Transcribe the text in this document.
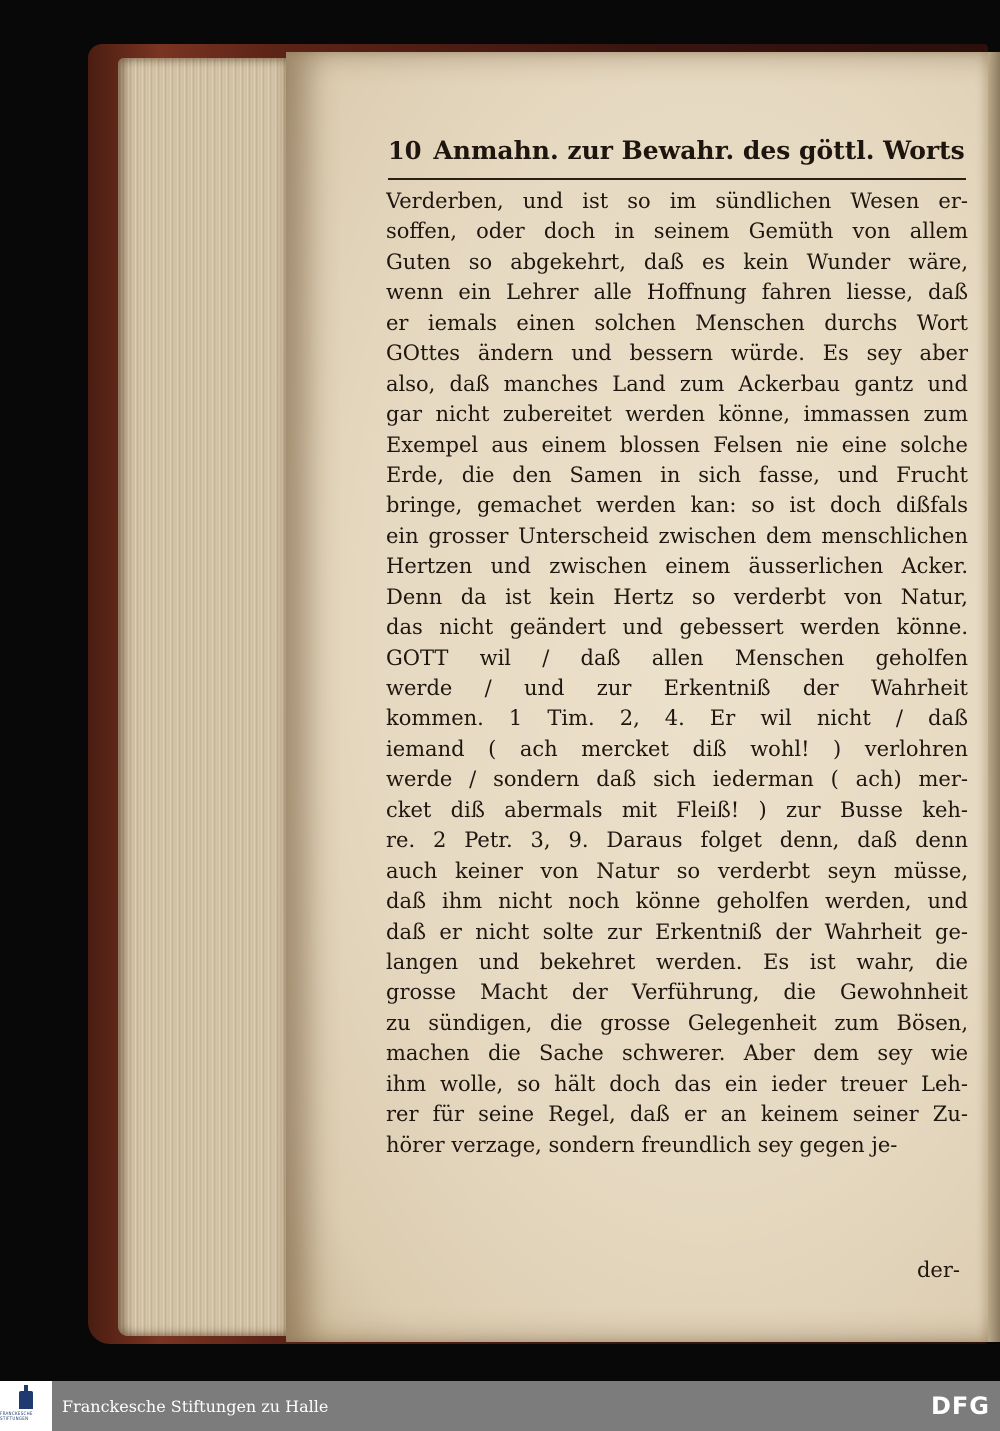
10 Anmahn. zur Bewahr. des göttl. Worts
Verderben, und ist so im sündlichen Wesen er-
soffen, oder doch in seinem Gemüth von allem
Guten so abgekehrt, daß es kein Wunder wäre,
wenn ein Lehrer alle Hoffnung fahren liesse, daß
er iemals einen solchen Menschen durchs Wort
GOttes ändern und bessern würde. Es sey aber
also, daß manches Land zum Ackerbau gantz und
gar nicht zubereitet werden könne, immassen zum
Exempel aus einem blossen Felsen nie eine solche
Erde, die den Samen in sich fasse, und Frucht
bringe, gemachet werden kan: so ist doch dißfals
ein grosser Unterscheid zwischen dem menschlichen
Hertzen und zwischen einem äusserlichen Acker.
Denn da ist kein Hertz so verderbt von Natur,
das nicht geändert und gebessert werden könne.
GOTT wil / daß allen Menschen geholfen
werde / und zur Erkentniß der Wahrheit
kommen. 1 Tim. 2, 4. Er wil nicht / daß
iemand ( ach mercket diß wohl! ) verlohren
werde / sondern daß sich iederman ( ach) mer-
cket diß abermals mit Fleiß! ) zur Busse keh-
re. 2 Petr. 3, 9. Daraus folget denn, daß denn
auch keiner von Natur so verderbt seyn müsse,
daß ihm nicht noch könne geholfen werden, und
daß er nicht solte zur Erkentniß der Wahrheit ge-
langen und bekehret werden. Es ist wahr, die
grosse Macht der Verführung, die Gewohnheit
zu sündigen, die grosse Gelegenheit zum Bösen,
machen die Sache schwerer. Aber dem sey wie
ihm wolle, so hält doch das ein ieder treuer Leh-
rer für seine Regel, daß er an keinem seiner Zu-
hörer verzage, sondern freundlich sey gegen je-
der-
FRANCKESCHE STIFTUNGEN
Franckesche Stiftungen zu Halle	DFG
